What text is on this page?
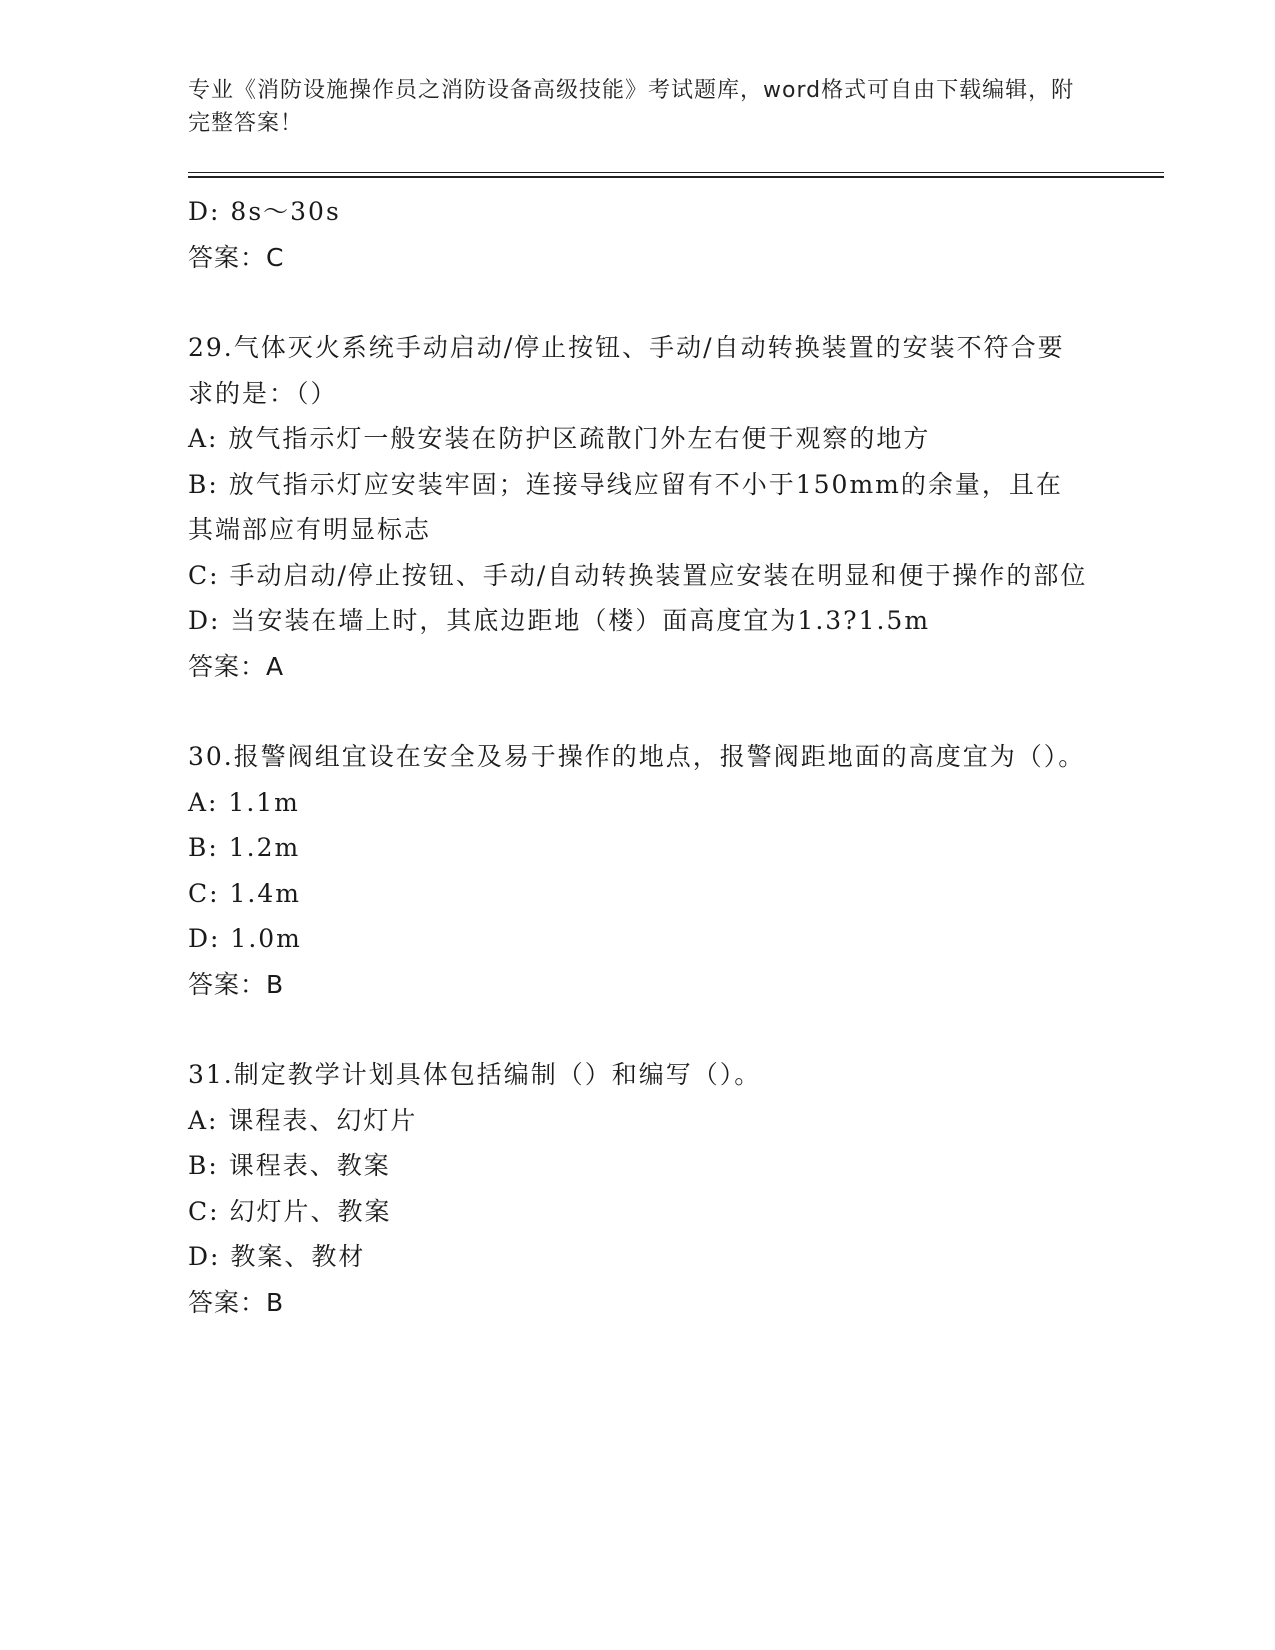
专业《消防设施操作员之消防设备高级技能》考试题库，word格式可自由下载编辑，附完整答案！
D: 8s～30s
答案：C
29.气体灭火系统手动启动/停止按钮、手动/自动转换装置的安装不符合要求的是：（）
A: 放气指示灯一般安装在防护区疏散门外左右便于观察的地方
B: 放气指示灯应安装牢固；连接导线应留有不小于150mm的余量，且在其端部应有明显标志
C: 手动启动/停止按钮、手动/自动转换装置应安装在明显和便于操作的部位
D: 当安装在墙上时，其底边距地（楼）面高度宜为1.3?1.5m
答案：A
30.报警阀组宜设在安全及易于操作的地点，报警阀距地面的高度宜为（）。
A: 1.1m
B: 1.2m
C: 1.4m
D: 1.0m
答案：B
31.制定教学计划具体包括编制（）和编写（）。
A: 课程表、幻灯片
B: 课程表、教案
C: 幻灯片、教案
D: 教案、教材
答案：B
